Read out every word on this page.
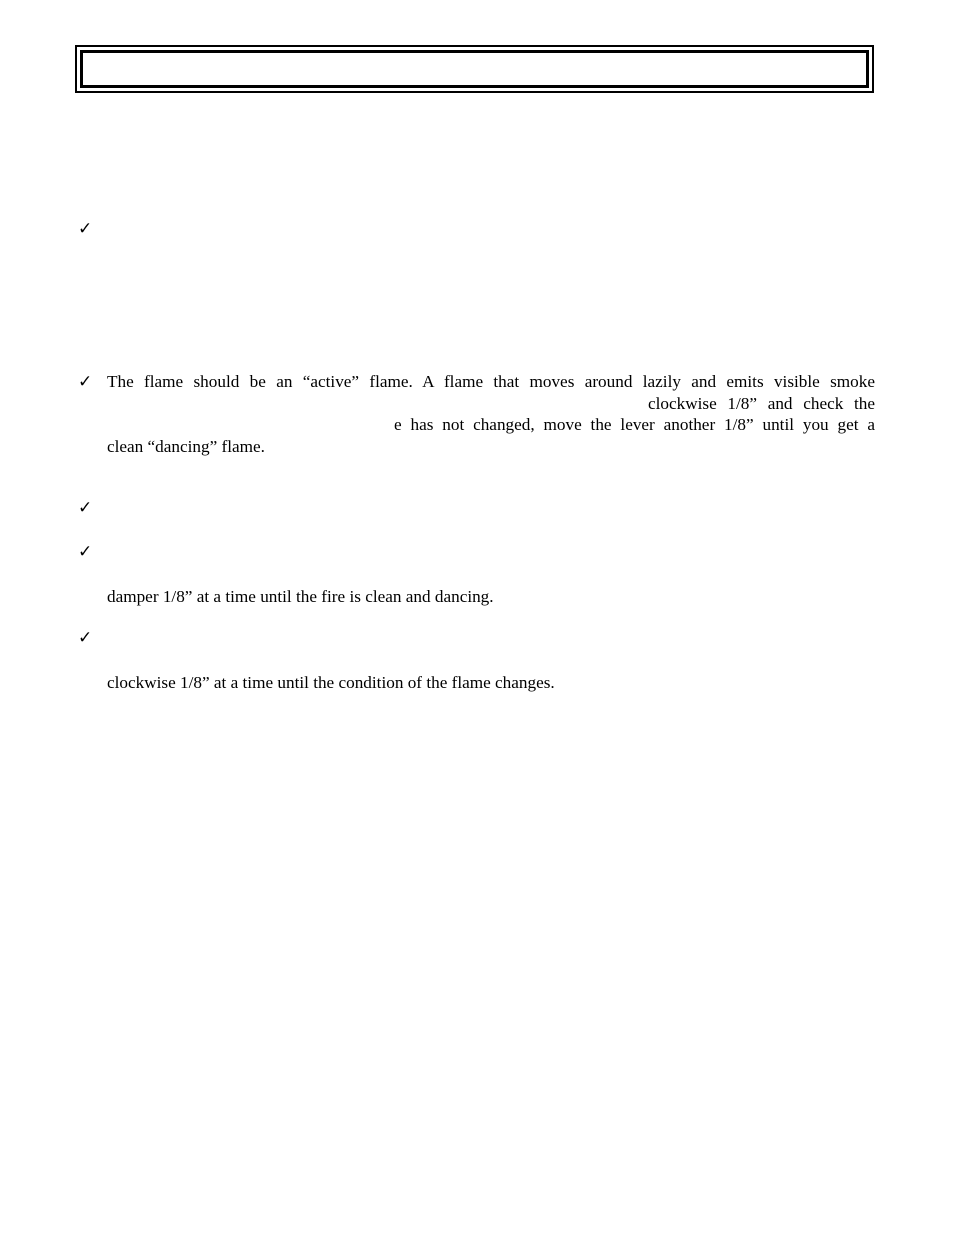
✓
✓ The flame should be an “active” flame. A flame that moves around lazily and emits visible smoke
clockwise 1/8” and check the
e has not changed, move the lever another 1/8” until you get a
clean “dancing” flame.
✓
✓
damper 1/8” at a time until the fire is clean and dancing.
✓
clockwise 1/8” at a time until the condition of the flame changes.
